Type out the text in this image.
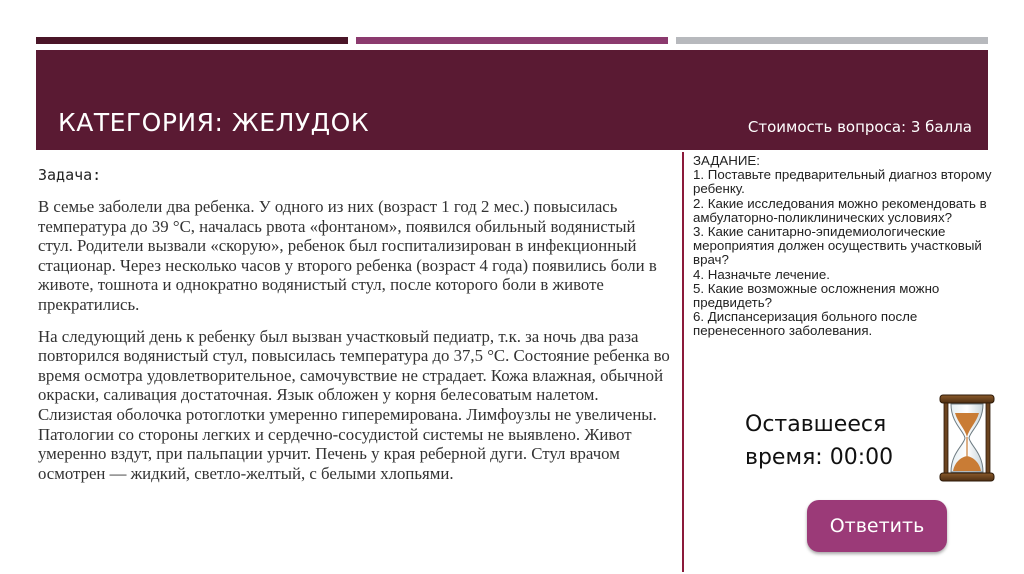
КАТЕГОРИЯ: ЖЕЛУДОК	Стоимость вопроса: 3 балла
Задача:

В семье заболели два ребенка. У одного из них (возраст 1 год 2 мес.) повысилась температура до 39 °С, началась рвота «фонтаном», появился обильный водянистый стул. Родители вызвали «скорую», ребенок был госпитализирован в инфекционный стационар. Через несколько часов у второго ребенка (возраст 4 года) появились боли в животе, тошнота и однократно водянистый стул, после которого боли в животе прекратились.

На следующий день к ребенку был вызван участковый педиатр, т.к. за ночь два раза повторился водянистый стул, повысилась температура до 37,5 °С. Состояние ребенка во время осмотра удовлетворительное, самочувствие не страдает. Кожа влажная, обычной окраски, саливация достаточная. Язык обложен у корня белесоватым налетом. Слизистая оболочка ротоглотки умеренно гиперемирована. Лимфоузлы не увеличены. Патологии со стороны легких и сердечно-сосудистой системы не выявлено. Живот умеренно вздут, при пальпации урчит. Печень у края реберной дуги. Стул врачом осмотрен — жидкий, светло-желтый, с белыми хлопьями.

ЗАДАНИЕ:
1. Поставьте предварительный диагноз второму ребенку.
2. Какие исследования можно рекомендовать в амбулаторно-поликлинических условиях?
3. Какие санитарно-эпидемиологические мероприятия должен осуществить участковый врач?
4. Назначьте лечение.
5. Какие возможные осложнения можно предвидеть?
6. Диспансеризация больного после перенесенного заболевания.
Оставшееся
время: 00:00
Ответить
